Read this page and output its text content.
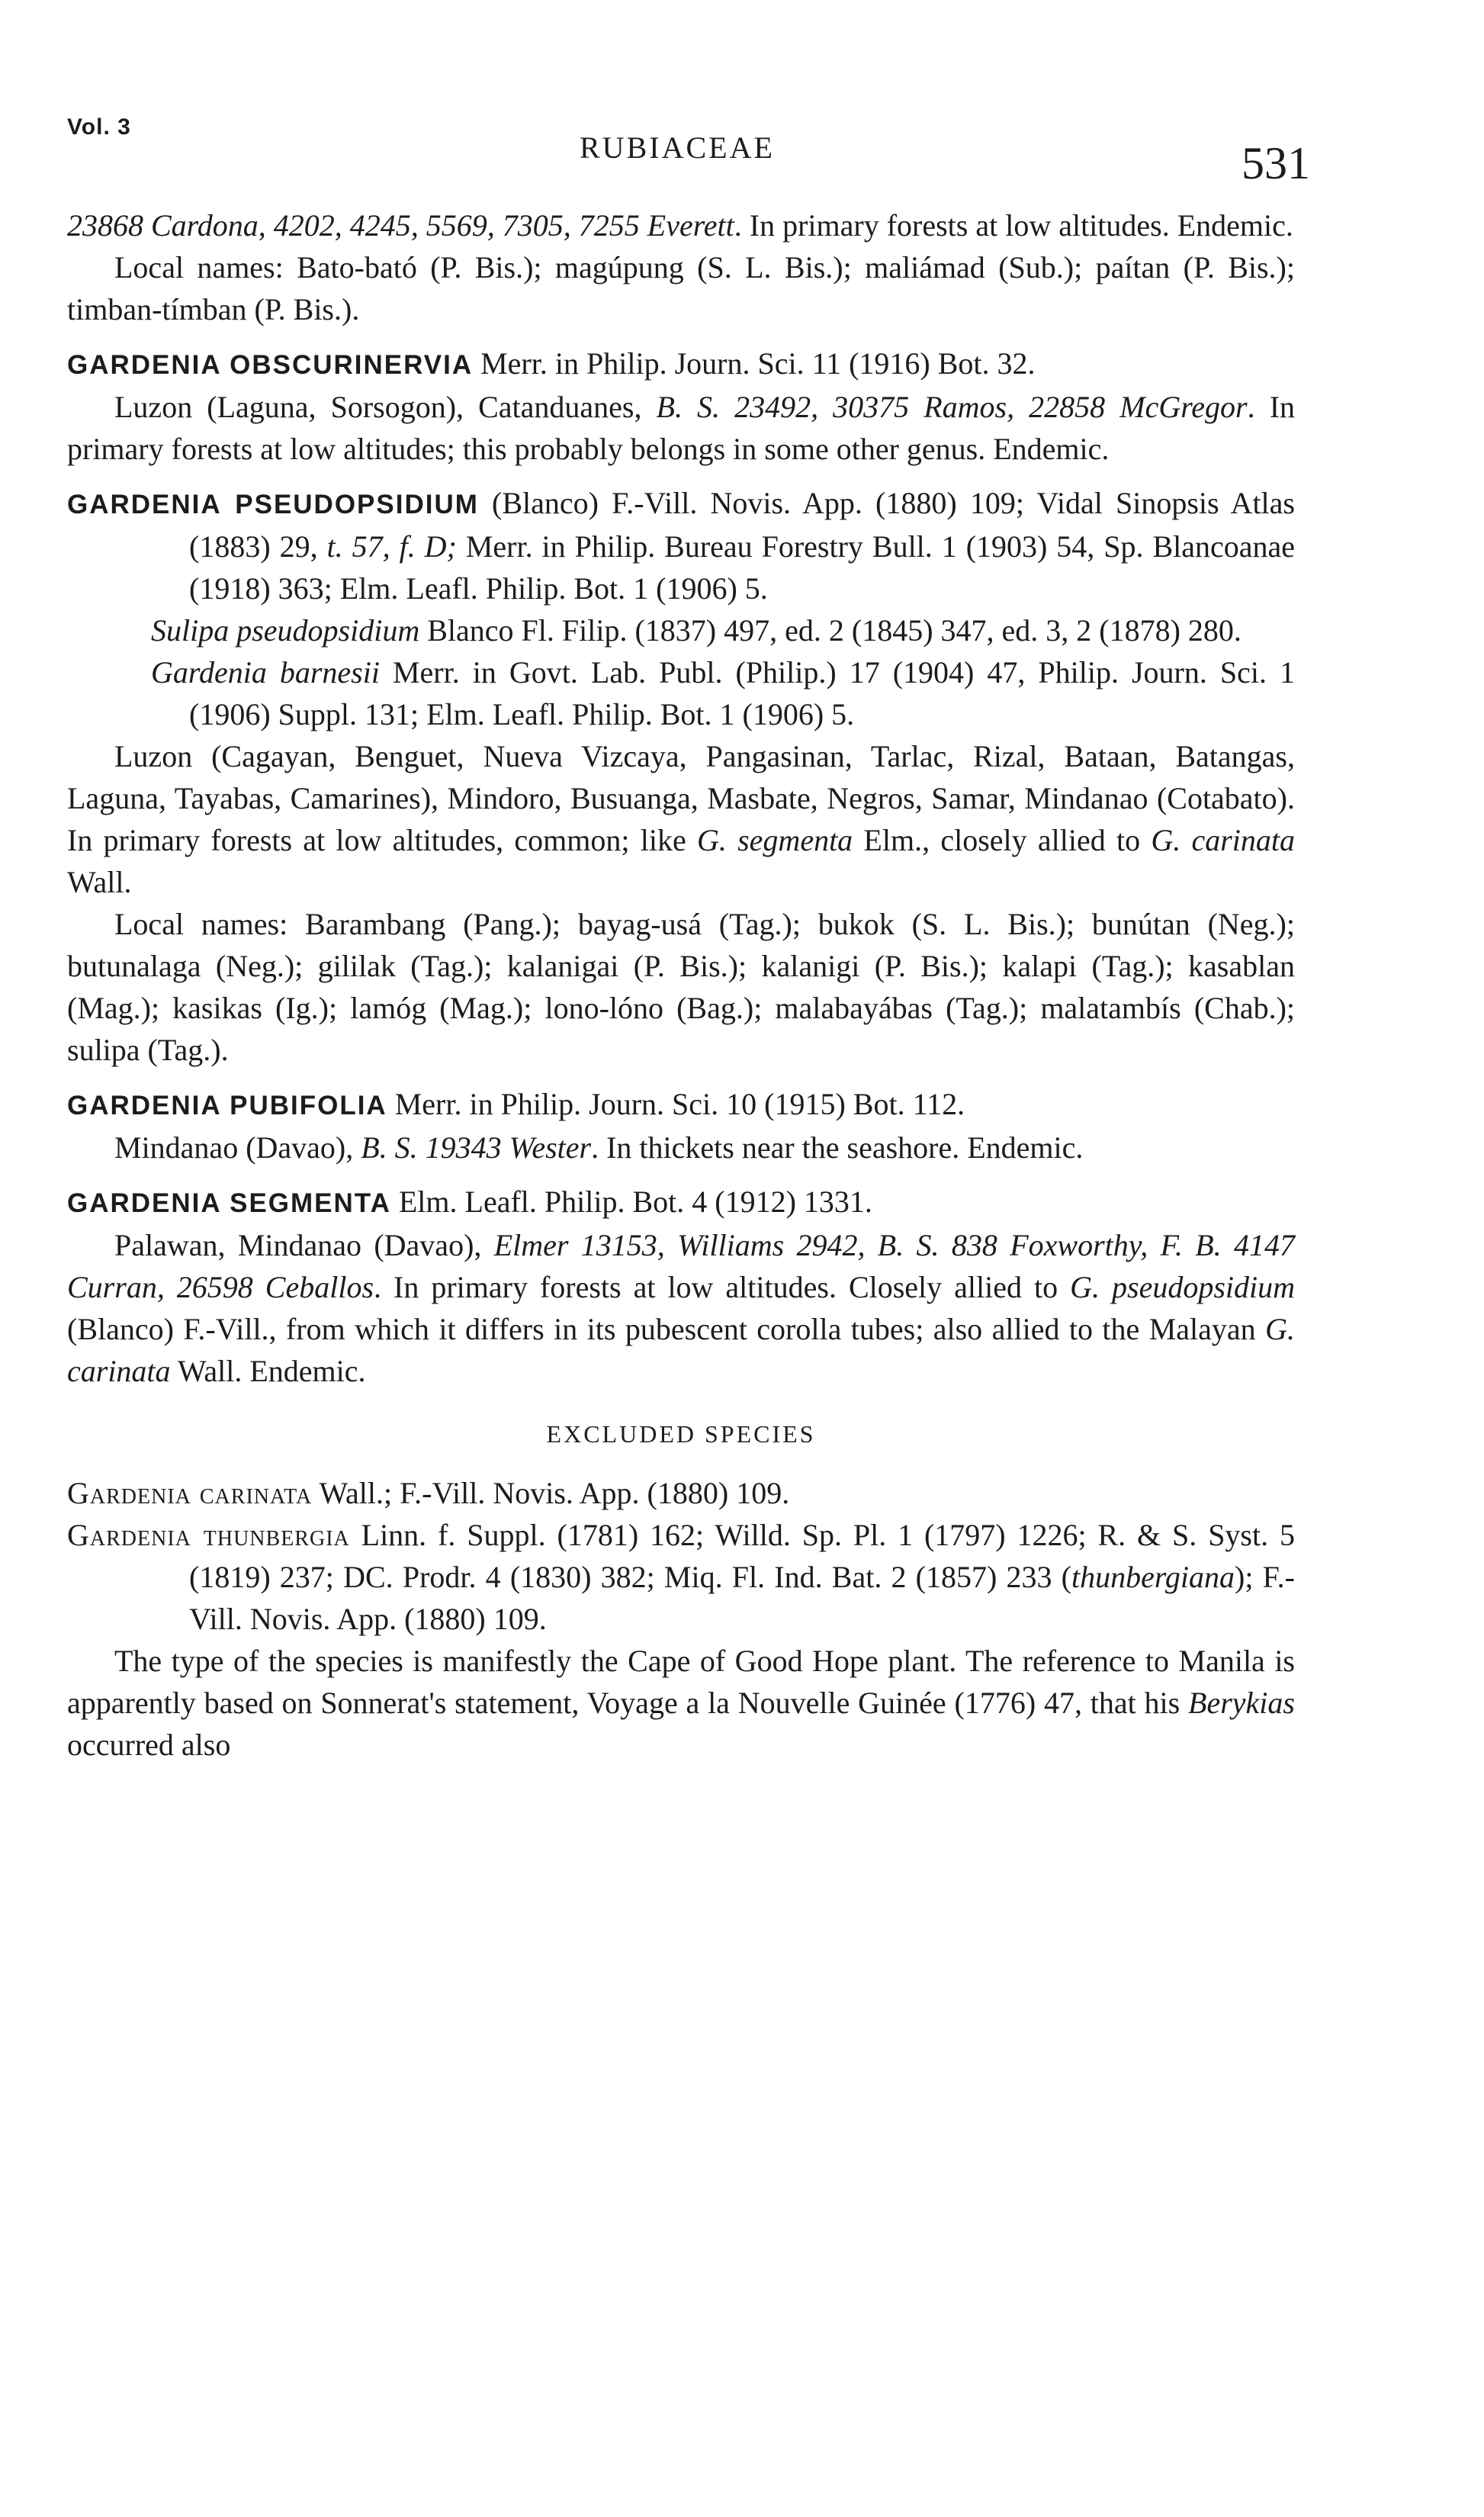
Vol. 3
RUBIACEAE	531

23868 Cardona, 4202, 4245, 5569, 7305, 7255 Everett. In primary forests at low altitudes. Endemic.

Local names: Bato-bató (P. Bis.); magúpung (S. L. Bis.); maliámad (Sub.); paítan (P. Bis.); timban-tímban (P. Bis.).

GARDENIA OBSCURINERVIA Merr. in Philip. Journ. Sci. 11 (1916) Bot. 32.

Luzon (Laguna, Sorsogon), Catanduanes, B. S. 23492, 30375 Ramos, 22858 McGregor. In primary forests at low altitudes; this probably belongs in some other genus. Endemic.

GARDENIA PSEUDOPSIDIUM (Blanco) F.-Vill. Novis. App. (1880) 109; Vidal Sinopsis Atlas (1883) 29, t. 57, f. D; Merr. in Philip. Bureau Forestry Bull. 1 (1903) 54, Sp. Blancoanae (1918) 363; Elm. Leafl. Philip. Bot. 1 (1906) 5.

Sulipa pseudopsidium Blanco Fl. Filip. (1837) 497, ed. 2 (1845) 347, ed. 3, 2 (1878) 280.

Gardenia barnesii Merr. in Govt. Lab. Publ. (Philip.) 17 (1904) 47, Philip. Journ. Sci. 1 (1906) Suppl. 131; Elm. Leafl. Philip. Bot. 1 (1906) 5.

Luzon (Cagayan, Benguet, Nueva Vizcaya, Pangasinan, Tarlac, Rizal, Bataan, Batangas, Laguna, Tayabas, Camarines), Mindoro, Busuanga, Masbate, Negros, Samar, Mindanao (Cotabato). In primary forests at low altitudes, common; like G. segmenta Elm., closely allied to G. carinata Wall.

Local names: Barambang (Pang.); bayag-usá (Tag.); bukok (S. L. Bis.); bunútan (Neg.); butunalaga (Neg.); gililak (Tag.); kalanigai (P. Bis.); kalanigi (P. Bis.); kalapi (Tag.); kasablan (Mag.); kasikas (Ig.); lamóg (Mag.); lono-lóno (Bag.); malabayábas (Tag.); malatambís (Chab.); sulipa (Tag.).

GARDENIA PUBIFOLIA Merr. in Philip. Journ. Sci. 10 (1915) Bot. 112.

Mindanao (Davao), B. S. 19343 Wester. In thickets near the seashore. Endemic.

GARDENIA SEGMENTA Elm. Leafl. Philip. Bot. 4 (1912) 1331.

Palawan, Mindanao (Davao), Elmer 13153, Williams 2942, B. S. 838 Foxworthy, F. B. 4147 Curran, 26598 Ceballos. In primary forests at low altitudes. Closely allied to G. pseudopsidium (Blanco) F.-Vill., from which it differs in its pubescent corolla tubes; also allied to the Malayan G. carinata Wall. Endemic.

EXCLUDED SPECIES

Gardenia carinata Wall.; F.-Vill. Novis. App. (1880) 109.

Gardenia thunbergia Linn. f. Suppl. (1781) 162; Willd. Sp. Pl. 1 (1797) 1226; R. & S. Syst. 5 (1819) 237; DC. Prodr. 4 (1830) 382; Miq. Fl. Ind. Bat. 2 (1857) 233 (thunbergiana); F.-Vill. Novis. App. (1880) 109.

The type of the species is manifestly the Cape of Good Hope plant. The reference to Manila is apparently based on Sonnerat's statement, Voyage a la Nouvelle Guinée (1776) 47, that his Berykias occurred also
